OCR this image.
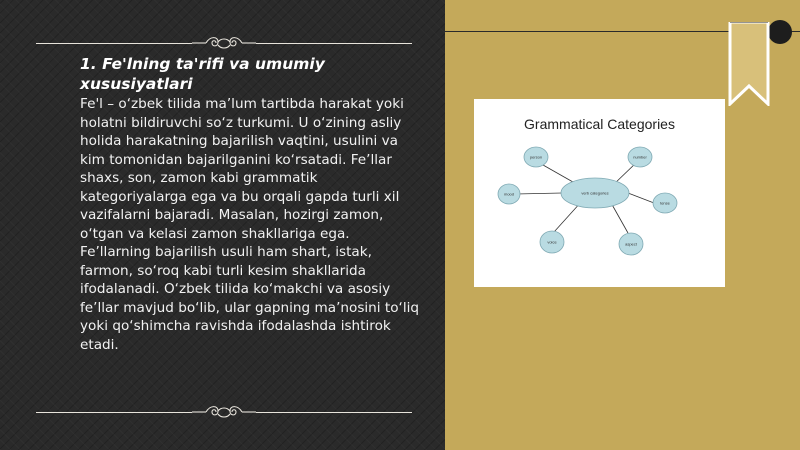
1. Fe'lning ta'rifi va umumiy xususiyatlari

Fe'l – o‘zbek tilida ma’lum tartibda harakat yoki holatni bildiruvchi so‘z turkumi. U o‘zining asliy holida harakatning bajarilish vaqtini, usulini va kim tomonidan bajarilganini ko‘rsatadi. Fe’llar shaxs, son, zamon kabi grammatik kategoriyalarga ega va bu orqali gapda turli xil vazifalarni bajaradi. Masalan, hozirgi zamon, o‘tgan va kelasi zamon shakllariga ega. Fe’llarning bajarilish usuli ham shart, istak, farmon, so‘roq kabi turli kesim shakllarida ifodalanadi. O‘zbek tilida ko‘makchi va asosiy fe’llar mavjud bo‘lib, ular gapning ma’nosini to‘liq yoki qo‘shimcha ravishda ifodalashda ishtirok etadi.

verb categories
person	number
mood
tense
aspect
voice
Grammatical Categories
